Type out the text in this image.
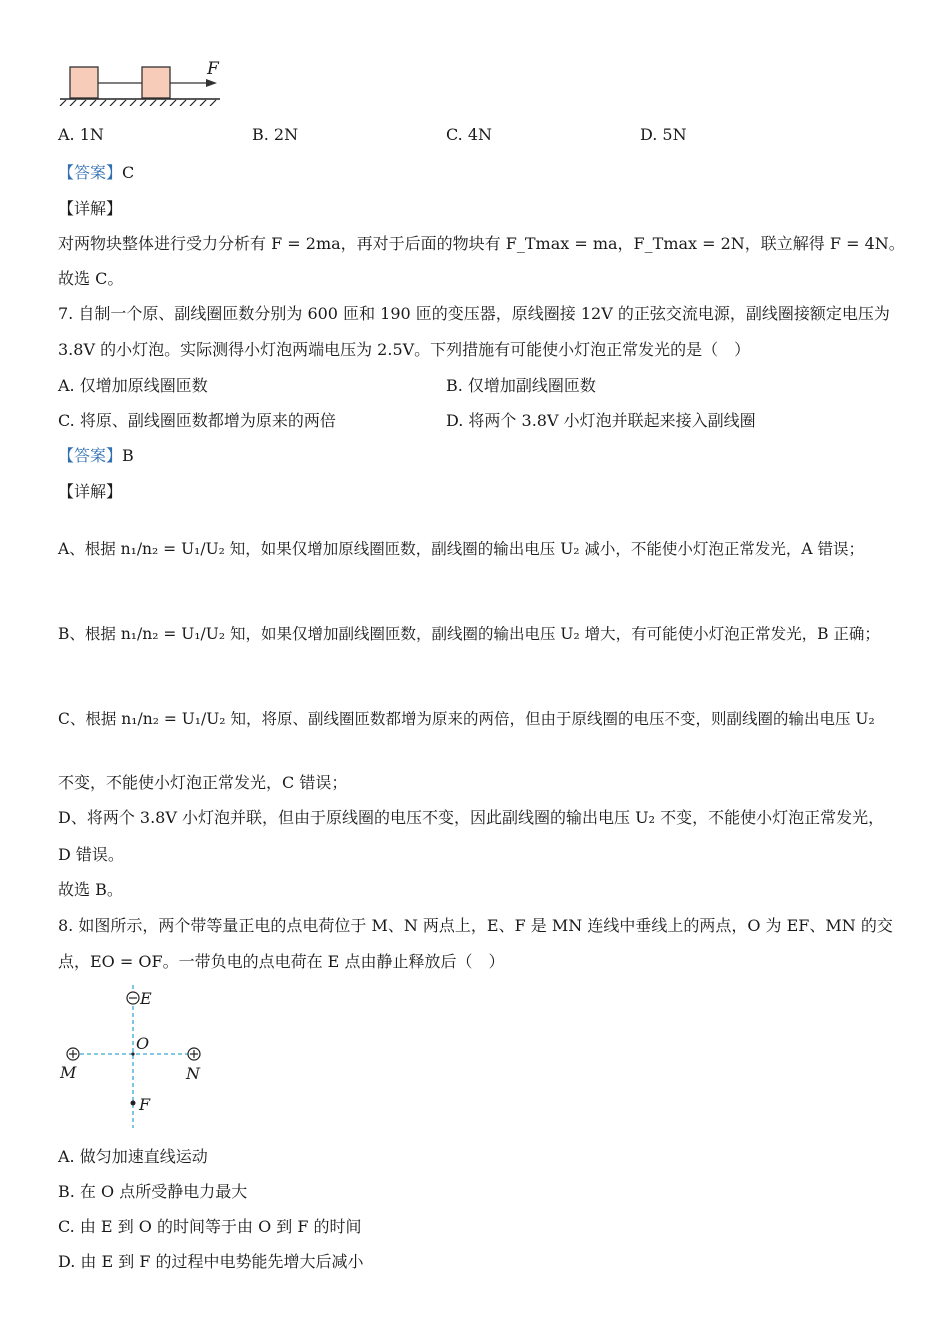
F
A. 1N	B. 2N	C. 4N	D. 5N
【答案】C
【详解】
对两物块整体进行受力分析有 F = 2ma，再对于后面的物块有 F_Tmax = ma，F_Tmax = 2N，联立解得 F = 4N。
故选 C。
7. 自制一个原、副线圈匝数分别为 600 匝和 190 匝的变压器，原线圈接 12V 的正弦交流电源，副线圈接额定电压为
3.8V 的小灯泡。实际测得小灯泡两端电压为 2.5V。下列措施有可能使小灯泡正常发光的是（　）
A. 仅增加原线圈匝数	B. 仅增加副线圈匝数
C. 将原、副线圈匝数都增为原来的两倍	D. 将两个 3.8V 小灯泡并联起来接入副线圈
【答案】B
【详解】
A、根据 n₁/n₂ = U₁/U₂ 知，如果仅增加原线圈匝数，副线圈的输出电压 U₂ 减小，不能使小灯泡正常发光，A 错误；
B、根据 n₁/n₂ = U₁/U₂ 知，如果仅增加副线圈匝数，副线圈的输出电压 U₂ 增大，有可能使小灯泡正常发光，B 正确；
C、根据 n₁/n₂ = U₁/U₂ 知，将原、副线圈匝数都增为原来的两倍，但由于原线圈的电压不变，则副线圈的输出电压 U₂
不变，不能使小灯泡正常发光，C 错误；
D、将两个 3.8V 小灯泡并联，但由于原线圈的电压不变，因此副线圈的输出电压 U₂ 不变，不能使小灯泡正常发光，
D 错误。
故选 B。
8. 如图所示，两个带等量正电的点电荷位于 M、N 两点上，E、F 是 MN 连线中垂线上的两点，O 为 EF、MN 的交
点，EO = OF。一带负电的点电荷在 E 点由静止释放后（　）
E
O
M	N
F
A. 做匀加速直线运动
B. 在 O 点所受静电力最大
C. 由 E 到 O 的时间等于由 O 到 F 的时间
D. 由 E 到 F 的过程中电势能先增大后减小
